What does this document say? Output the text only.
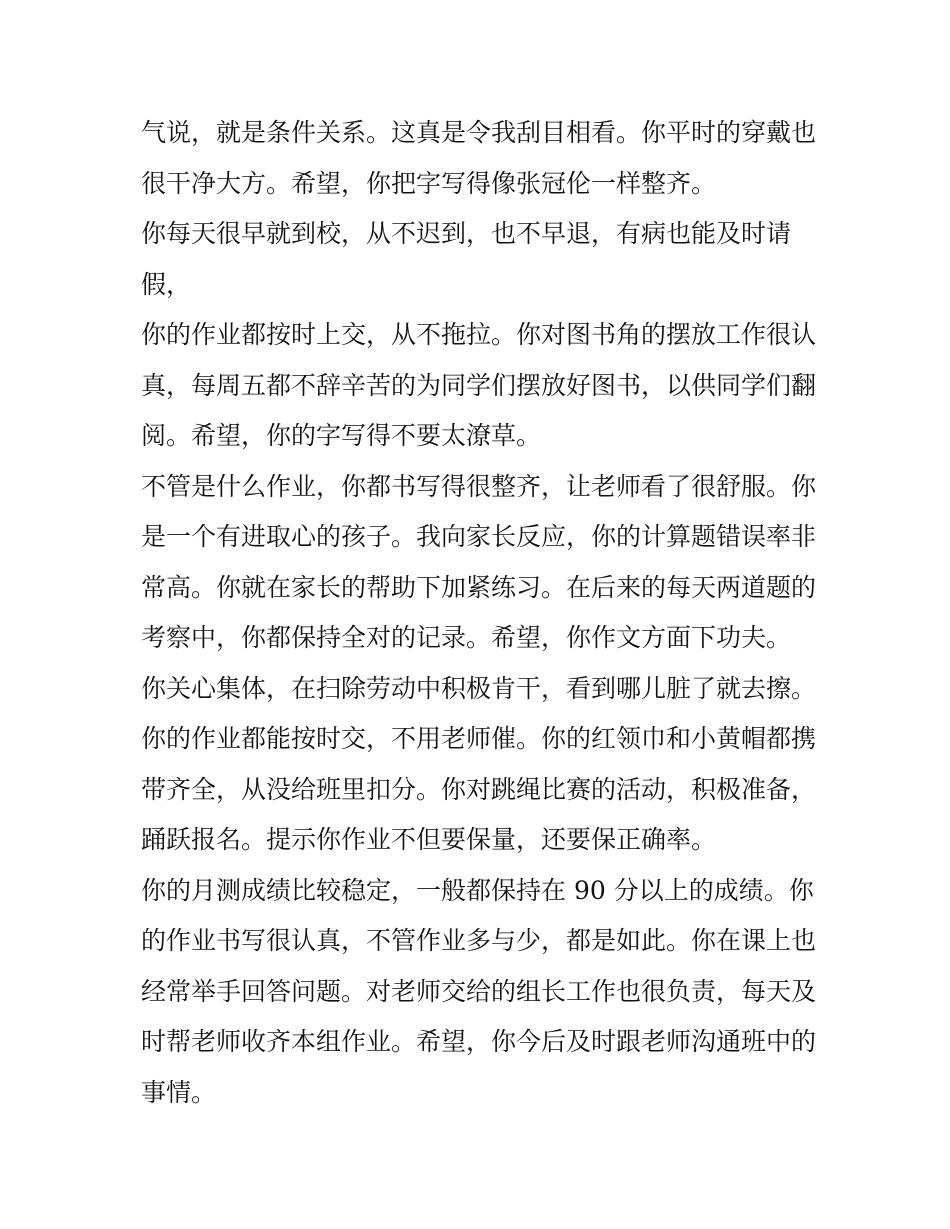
气说，就是条件关系。这真是令我刮目相看。你平时的穿戴也
很干净大方。希望，你把字写得像张冠伦一样整齐。
你每天很早就到校，从不迟到，也不早退，有病也能及时请
假，
你的作业都按时上交，从不拖拉。你对图书角的摆放工作很认
真，每周五都不辞辛苦的为同学们摆放好图书，以供同学们翻
阅。希望，你的字写得不要太潦草。
不管是什么作业，你都书写得很整齐，让老师看了很舒服。你
是一个有进取心的孩子。我向家长反应，你的计算题错误率非
常高。你就在家长的帮助下加紧练习。在后来的每天两道题的
考察中，你都保持全对的记录。希望，你作文方面下功夫。
你关心集体，在扫除劳动中积极肯干，看到哪儿脏了就去擦。
你的作业都能按时交，不用老师催。你的红领巾和小黄帽都携
带齐全，从没给班里扣分。你对跳绳比赛的活动，积极准备，
踊跃报名。提示你作业不但要保量，还要保正确率。
你的月测成绩比较稳定，一般都保持在 90 分以上的成绩。你
的作业书写很认真，不管作业多与少，都是如此。你在课上也
经常举手回答问题。对老师交给的组长工作也很负责，每天及
时帮老师收齐本组作业。希望，你今后及时跟老师沟通班中的
事情。
